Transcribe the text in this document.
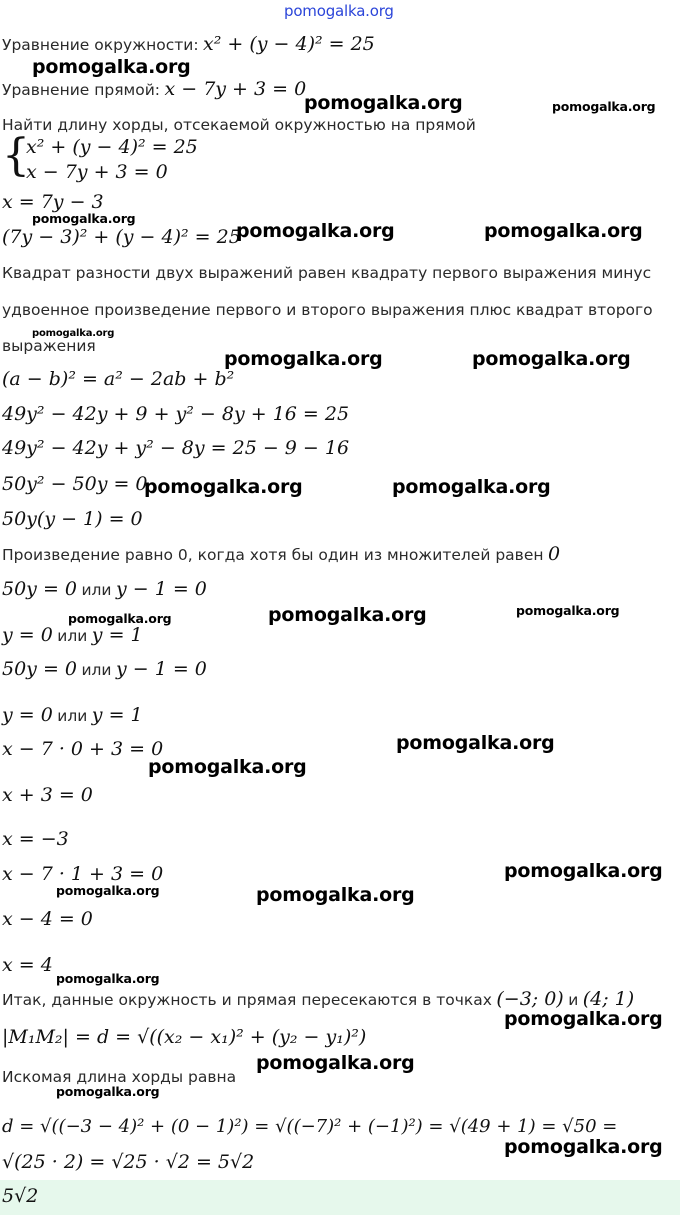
pomogalka.org
Уравнение окружности: x² + (y − 4)² = 25
Уравнение прямой: x − 7y + 3 = 0
Найти длину хорды, отсекаемой окружностью на прямой
{
x² + (y − 4)² = 25
x − 7y + 3 = 0
x = 7y − 3
(7y − 3)² + (y − 4)² = 25
Квадрат разности двух выражений равен квадрату первого выражения минус
удвоенное произведение первого и второго выражения плюс квадрат второго
выражения
(a − b)² = a² − 2ab + b²
49y² − 42y + 9 + y² − 8y + 16 = 25
49y² − 42y + y² − 8y = 25 − 9 − 16
50y² − 50y = 0
50y(y − 1) = 0
Произведение равно 0, когда хотя бы один из множителей равен 0
50y = 0 или y − 1 = 0
y = 0 или y = 1
50y = 0 или y − 1 = 0
y = 0 или y = 1
x − 7 · 0 + 3 = 0
x + 3 = 0
x = −3
x − 7 · 1 + 3 = 0
x − 4 = 0
x = 4
Итак, данные окружность и прямая пересекаются в точках (−3; 0) и (4; 1)
|M₁M₂| = d = √((x₂ − x₁)² + (y₂ − y₁)²)
Искомая длина хорды равна
d = √((−3 − 4)² + (0 − 1)²) = √((−7)² + (−1)²) = √(49 + 1) = √50 =
√(25 · 2) = √25 · √2 = 5√2
5√2
pomogalka.org
pomogalka.org	pomogalka.org
pomogalka.org
pomogalka.org	pomogalka.org
pomogalka.org
pomogalka.org	pomogalka.org
pomogalka.org	pomogalka.org
pomogalka.org	pomogalka.org	pomogalka.org
pomogalka.org
pomogalka.org
pomogalka.org
pomogalka.org	pomogalka.org
pomogalka.org
pomogalka.org
pomogalka.org
pomogalka.org
pomogalka.org
